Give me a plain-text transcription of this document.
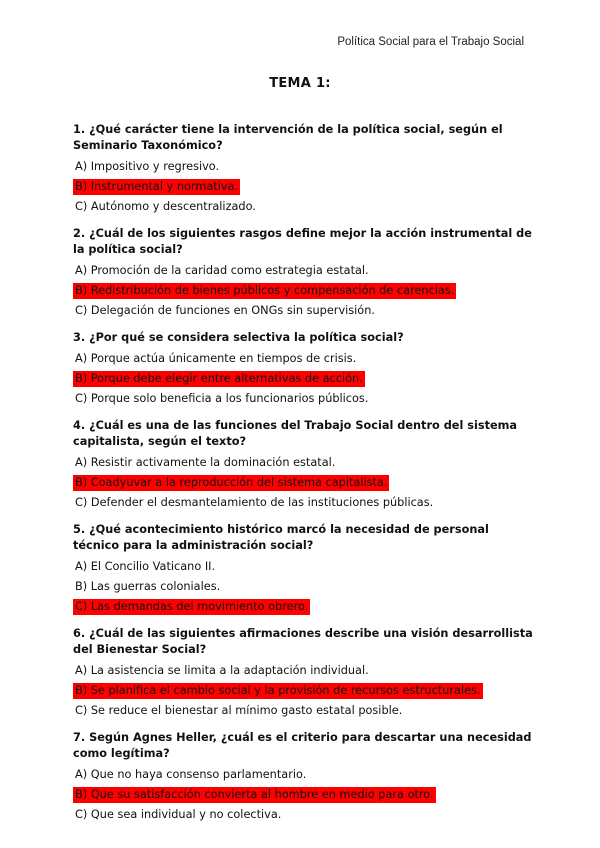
Política Social para el Trabajo Social
TEMA 1:

1. ¿Qué carácter tiene la intervención de la política social, según el Seminario Taxonómico?

A) Impositivo y regresivo.
B) Instrumental y normativa.
C) Autónomo y descentralizado.

2. ¿Cuál de los siguientes rasgos define mejor la acción instrumental de la política social?

A) Promoción de la caridad como estrategia estatal.
B) Redistribución de bienes públicos y compensación de carencias.
C) Delegación de funciones en ONGs sin supervisión.

3. ¿Por qué se considera selectiva la política social?

A) Porque actúa únicamente en tiempos de crisis.
B) Porque debe elegir entre alternativas de acción.
C) Porque solo beneficia a los funcionarios públicos.

4. ¿Cuál es una de las funciones del Trabajo Social dentro del sistema capitalista, según el texto?

A) Resistir activamente la dominación estatal.
B) Coadyuvar a la reproducción del sistema capitalista.
C) Defender el desmantelamiento de las instituciones públicas.

5. ¿Qué acontecimiento histórico marcó la necesidad de personal técnico para la administración social?

A) El Concilio Vaticano II.
B) Las guerras coloniales.
C) Las demandas del movimiento obrero.

6. ¿Cuál de las siguientes afirmaciones describe una visión desarrollista del Bienestar Social?

A) La asistencia se limita a la adaptación individual.
B) Se planifica el cambio social y la provisión de recursos estructurales.
C) Se reduce el bienestar al mínimo gasto estatal posible.

7. Según Agnes Heller, ¿cuál es el criterio para descartar una necesidad como legítima?

A) Que no haya consenso parlamentario.
B) Que su satisfacción convierta al hombre en medio para otro.
C) Que sea individual y no colectiva.
